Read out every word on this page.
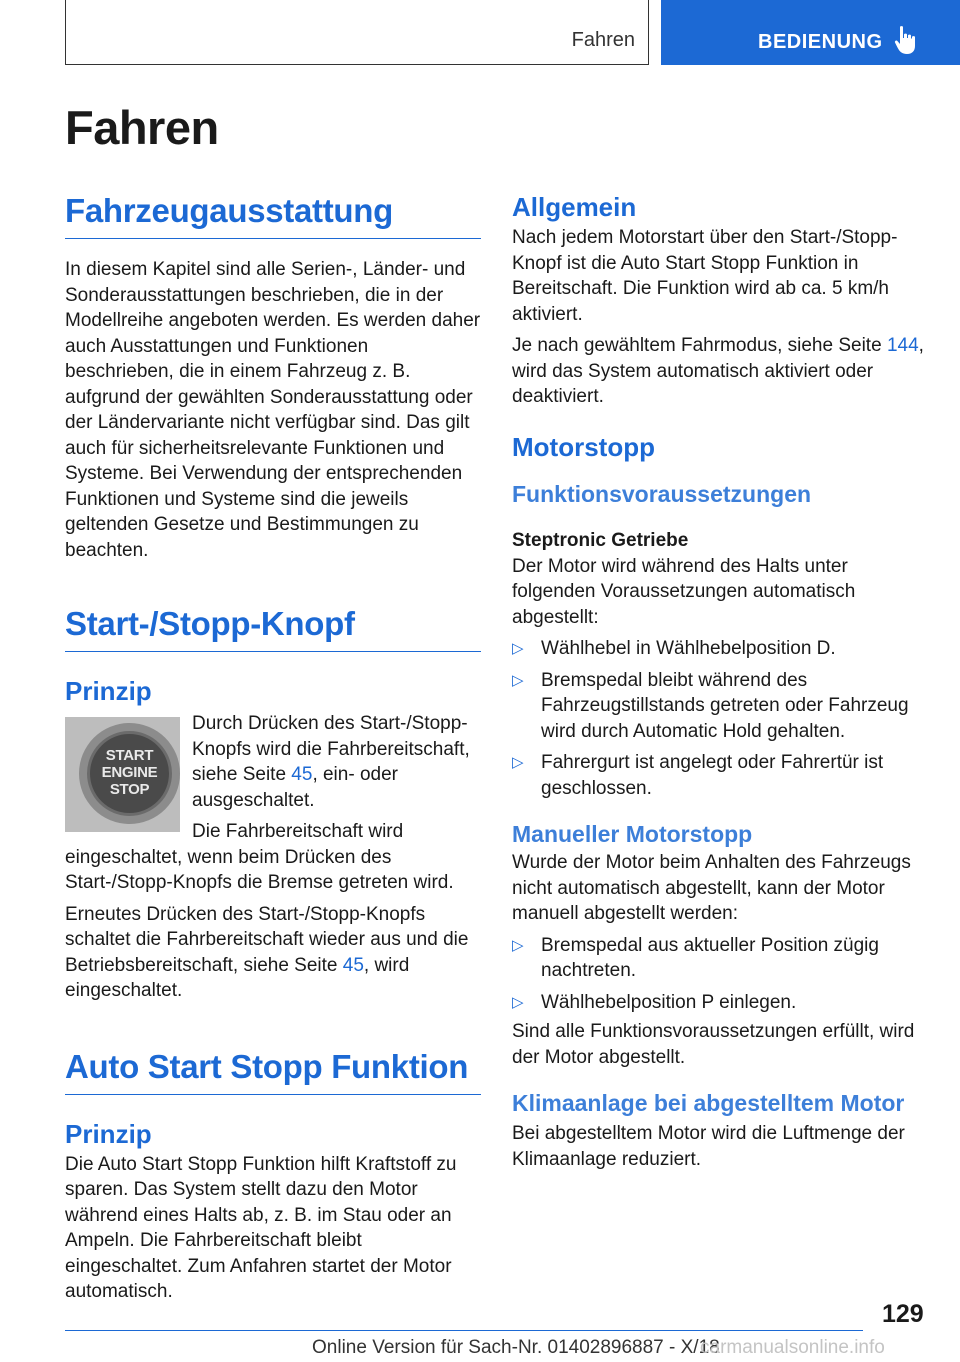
Fahren	BEDIENUNG
Fahren
Fahrzeugausstattung

In diesem Kapitel sind alle Serien-, Länder- und Sonderausstattungen beschrieben, die in der Modellreihe angeboten werden. Es werden daher auch Ausstattungen und Funktionen beschrieben, die in einem Fahrzeug z. B. aufgrund der gewählten Sonderausstattung oder der Ländervariante nicht verfügbar sind. Das gilt auch für sicherheitsrelevante Funktionen und Systeme. Bei Verwendung der entsprechenden Funktionen und Systeme sind die jeweils geltenden Gesetze und Bestimmungen zu beachten.

Start-/Stopp-Knopf
Prinzip
START
ENGINE
STOP

Durch Drücken des Start-/Stopp-Knopfs wird die Fahrbereitschaft, siehe Seite 45, ein- oder ausgeschaltet.

Die Fahrbereitschaft wird eingeschaltet, wenn beim Drücken des Start-/Stopp-Knopfs die Bremse getreten wird.

Erneutes Drücken des Start-/Stopp-Knopfs schaltet die Fahrbereitschaft wieder aus und die Betriebsbereitschaft, siehe Seite 45, wird eingeschaltet.

Auto Start Stopp Funktion
Prinzip

Die Auto Start Stopp Funktion hilft Kraftstoff zu sparen. Das System stellt dazu den Motor während eines Halts ab, z. B. im Stau oder an Ampeln. Die Fahrbereitschaft bleibt eingeschaltet. Zum Anfahren startet der Motor automatisch.

Allgemein

Nach jedem Motorstart über den Start-/Stopp-Knopf ist die Auto Start Stopp Funktion in Bereitschaft. Die Funktion wird ab ca. 5 km/h aktiviert.

Je nach gewähltem Fahrmodus, siehe Seite 144, wird das System automatisch aktiviert oder deaktiviert.

Motorstopp
Funktionsvoraussetzungen
Steptronic Getriebe

Der Motor wird während des Halts unter folgenden Voraussetzungen automatisch abgestellt:

▷ Wählhebel in Wählhebelposition D.
▷ Bremspedal bleibt während des Fahrzeugstillstands getreten oder Fahrzeug wird durch Automatic Hold gehalten.
▷ Fahrergurt ist angelegt oder Fahrertür ist geschlossen.
Manueller Motorstopp

Wurde der Motor beim Anhalten des Fahrzeugs nicht automatisch abgestellt, kann der Motor manuell abgestellt werden:

▷ Bremspedal aus aktueller Position zügig nachtreten.
▷ Wählhebelposition P einlegen.

Sind alle Funktionsvoraussetzungen erfüllt, wird der Motor abgestellt.

Klimaanlage bei abgestelltem Motor

Bei abgestelltem Motor wird die Luftmenge der Klimaanlage reduziert.

129
Online Version für Sach-Nr. 01402896887 - X/18
carmanualsonline.info
